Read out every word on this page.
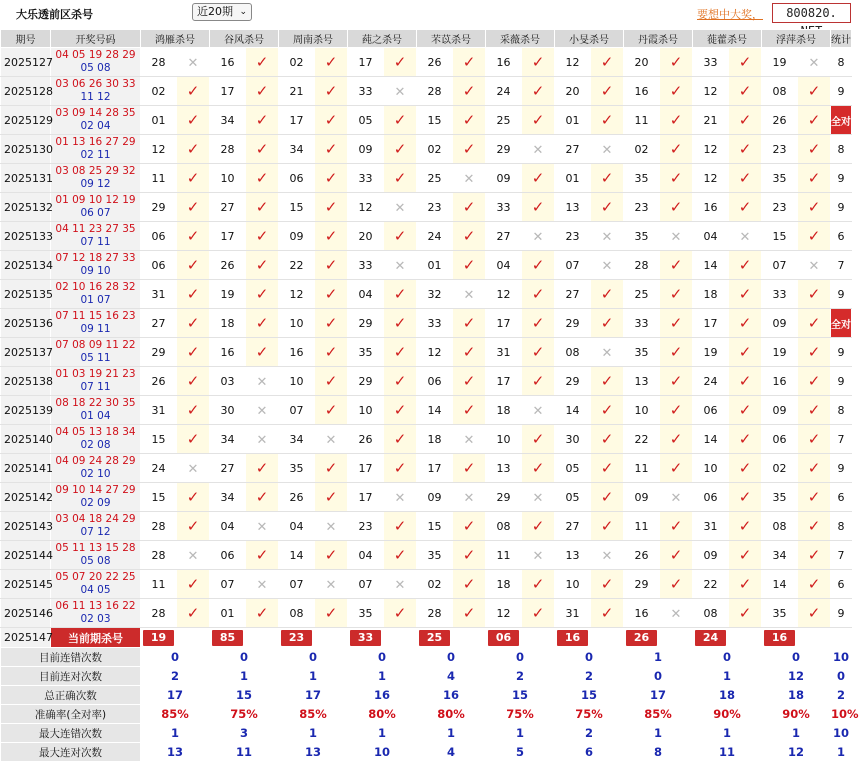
大乐透前区杀号	近20期 ⌄	要想中大奖，	800820.
期号	开奖号码	鸿雁杀号		谷风杀号		周南杀号		莼之杀号		芣苡杀号		采薇杀号		小旻杀号		丹霞杀号		蓰藿杀号		浮萍杀号		统计
2025127	04 05 19 28 29
05 08	28	✕	16	✓	02	✓	17	✓	26	✓	16	✓	12	✓	20	✓	33	✓	19	✕	8
2025128	03 06 26 30 33
11 12	02	✓	17	✓	21	✓	33	✕	28	✓	24	✓	20	✓	16	✓	12	✓	08	✓	9
2025129	03 09 14 28 35
02 04	01	✓	34	✓	17	✓	05	✓	15	✓	25	✓	01	✓	11	✓	21	✓	26	✓	全对
2025130	01 13 16 27 29
02 11	12	✓	28	✓	34	✓	09	✓	02	✓	29	✕	27	✕	02	✓	12	✓	23	✓	8
2025131	03 08 25 29 32
09 12	11	✓	10	✓	06	✓	33	✓	25	✕	09	✓	01	✓	35	✓	12	✓	35	✓	9
2025132	01 09 10 12 19
06 07	29	✓	27	✓	15	✓	12	✕	23	✓	33	✓	13	✓	23	✓	16	✓	23	✓	9
2025133	04 11 23 27 35
07 11	06	✓	17	✓	09	✓	20	✓	24	✓	27	✕	23	✕	35	✕	04	✕	15	✓	6
2025134	07 12 18 27 33
09 10	06	✓	26	✓	22	✓	33	✕	01	✓	04	✓	07	✕	28	✓	14	✓	07	✕	7
2025135	02 10 16 28 32
01 07	31	✓	19	✓	12	✓	04	✓	32	✕	12	✓	27	✓	25	✓	18	✓	33	✓	9
2025136	07 11 15 16 23
09 11	27	✓	18	✓	10	✓	29	✓	33	✓	17	✓	29	✓	33	✓	17	✓	09	✓	全对
2025137	07 08 09 11 22
05 11	29	✓	16	✓	16	✓	35	✓	12	✓	31	✓	08	✕	35	✓	19	✓	19	✓	9
2025138	01 03 19 21 23
07 11	26	✓	03	✕	10	✓	29	✓	06	✓	17	✓	29	✓	13	✓	24	✓	16	✓	9
2025139	08 18 22 30 35
01 04	31	✓	30	✕	07	✓	10	✓	14	✓	18	✕	14	✓	10	✓	06	✓	09	✓	8
2025140	04 05 13 18 34
02 08	15	✓	34	✕	34	✕	26	✓	18	✕	10	✓	30	✓	22	✓	14	✓	06	✓	7
2025141	04 09 24 28 29
02 10	24	✕	27	✓	35	✓	17	✓	17	✓	13	✓	05	✓	11	✓	10	✓	02	✓	9
2025142	09 10 14 27 29
02 09	15	✓	34	✓	26	✓	17	✕	09	✕	29	✕	05	✓	09	✕	06	✓	35	✓	6
2025143	03 04 18 24 29
07 12	28	✓	04	✕	04	✕	23	✓	15	✓	08	✓	27	✓	11	✓	31	✓	08	✓	8
2025144	05 11 13 15 28
05 08	28	✕	06	✓	14	✓	04	✓	35	✓	11	✕	13	✕	26	✓	09	✓	34	✓	7
2025145	05 07 20 22 25
04 05	11	✓	07	✕	07	✕	07	✕	02	✓	18	✓	10	✓	29	✓	22	✓	14	✓	6
2025146	06 11 13 16 22
02 03	28	✓	01	✓	08	✓	35	✓	28	✓	12	✓	31	✓	16	✕	08	✓	35	✓	9
2025147	当前期杀号	19		85		23		33		25		06		16		26		24		16		

目前连错次数		0		0		0		0		0		0		0		1		0		0		10
目前连对次数		2		1		1		1		4		2		2		0		1		12		0
总正确次数		17		15		17		16		16		15		15		17		18		18		2
准确率(全对率)		85%		75%		85%		80%		80%		75%		75%		85%		90%		90%		10%
最大连错次数		1		3		1		1		1		1		2		1		1		1		10
最大连对次数		13		11		13		10		4		5		6		8		11		12		1
